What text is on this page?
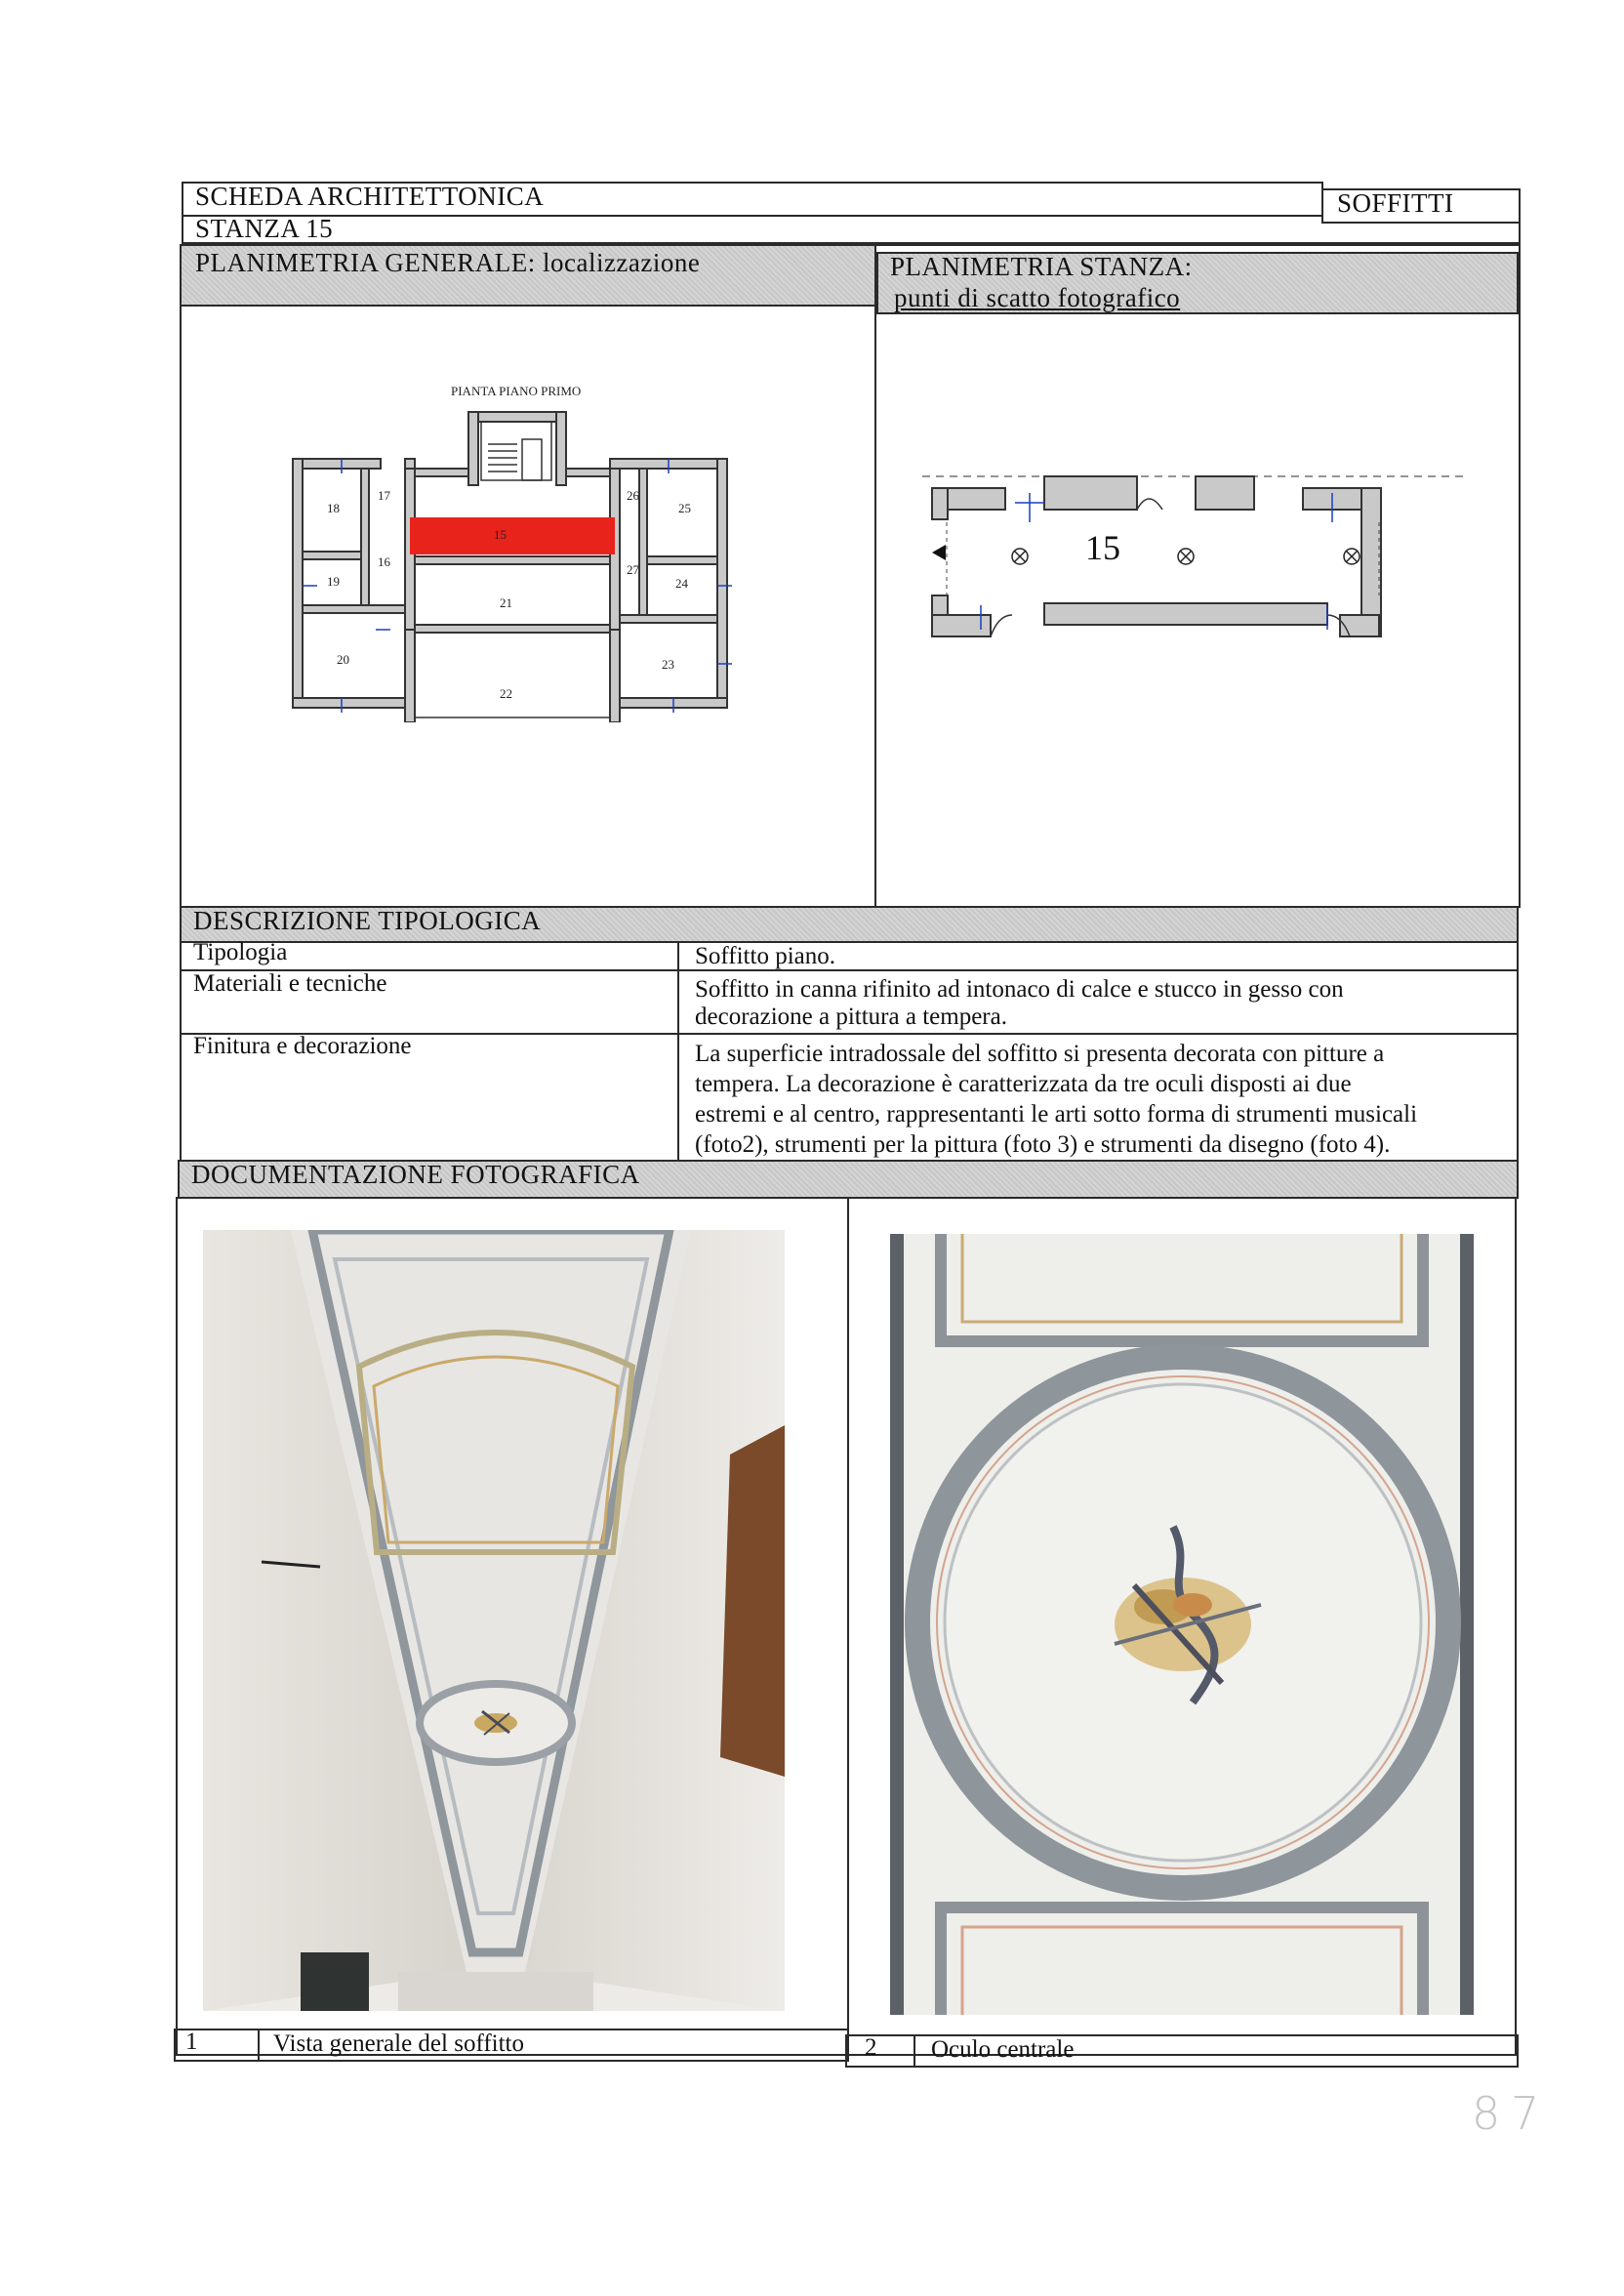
SCHEDA ARCHITETTONICA	SOFFITTI
STANZA 15
PLANIMETRIA GENERALE: localizzazione	PLANIMETRIA STANZA:
punti di scatto fotografico
PIANTA PIANO PRIMO
18
17
15
26
25
19
16
27
24
21
20
22
23
15
DESCRIZIONE TIPOLOGICA
Tipologia	Soffitto piano.
Materiali e tecniche	Soffitto in canna rifinito ad intonaco di calce e stucco in gesso con
decorazione a pittura a tempera.
Finitura e decorazione	La superficie intradossale del soffitto si presenta decorata con pitture a
tempera. La decorazione è caratterizzata da tre oculi disposti ai due
estremi e al centro, rappresentanti le arti sotto forma di strumenti musicali
(foto2), strumenti per la pittura (foto 3) e strumenti da disegno (foto 4).
DOCUMENTAZIONE FOTOGRAFICA
1	Vista generale del soffitto	2 Oculo centrale
8 7
